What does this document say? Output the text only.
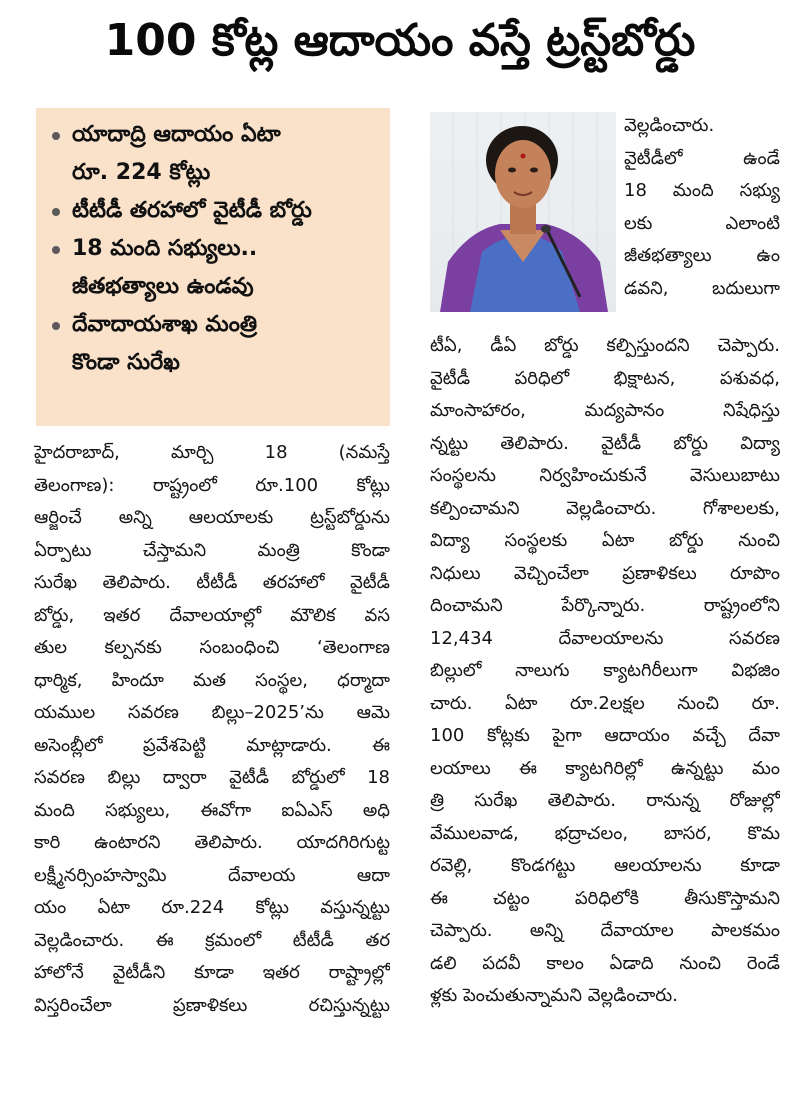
100 కోట్ల ఆదాయం వస్తే ట్రస్ట్‌బోర్డు
యాదాద్రి ఆదాయం ఏటా
రూ. 224 కోట్లు
టీటీడీ తరహాలో వైటీడీ బోర్డు
18 మంది సభ్యులు..
జీతభత్యాలు ఉండవు
దేవాదాయశాఖ మంత్రి
కొండా సురేఖ
వెల్లడించారు.
వైటీడీలో ఉండే
18 మంది సభ్యు
లకు ఎలాంటి
జీతభత్యాలు ఉం
డవని, బదులుగా
టీఏ, డీఏ బోర్డు కల్పిస్తుందని చెప్పారు.
వైటీడీ పరిధిలో భిక్షాటన, పశువధ,
మాంసాహారం, మద్యపానం నిషేధిస్తు
న్నట్టు తెలిపారు. వైటీడీ బోర్డు విద్యా
సంస్థలను నిర్వహించుకునే వెసులుబాటు
కల్పించామని వెల్లడించారు. గోశాలలకు,
విద్యా సంస్థలకు ఏటా బోర్డు నుంచి
నిధులు వెచ్చించేలా ప్రణాళికలు రూపొం
దించామని పేర్కొన్నారు. రాష్ట్రంలోని
12,434 దేవాలయాలను సవరణ
బిల్లులో నాలుగు క్యాటగిరీలుగా విభజిం
చారు. ఏటా రూ.2లక్షల నుంచి రూ.
100 కోట్లకు పైగా ఆదాయం వచ్చే దేవా
లయాలు ఈ క్యాటగిరిల్లో ఉన్నట్టు మం
త్రి సురేఖ తెలిపారు. రానున్న రోజుల్లో
వేములవాడ, భద్రాచలం, బాసర, కొమ
రవెల్లి, కొండగట్టు ఆలయాలను కూడా
ఈ చట్టం పరిధిలోకి తీసుకొస్తామని
చెప్పారు. అన్ని దేవాయాల పాలకమం
డలి పదవీ కాలం ఏడాది నుంచి రెండే
ళ్లకు పెంచుతున్నామని వెల్లడించారు.
హైదరాబాద్, మార్చి 18 (నమస్తే
తెలంగాణ): రాష్ట్రంలో రూ.100 కోట్లు
ఆర్జించే అన్ని ఆలయాలకు ట్రస్ట్‌బోర్డును
ఏర్పాటు చేస్తామని మంత్రి కొండా
సురేఖ తెలిపారు. టీటీడీ తరహాలో వైటీడీ
బోర్డు, ఇతర దేవాలయాల్లో మౌలిక వస
తుల కల్పనకు సంబంధించి ‘తెలంగాణ
ధార్మిక, హిందూ మత సంస్థల, ధర్మాదా
యముల సవరణ బిల్లు–2025’ను ఆమె
అసెంబ్లీలో ప్రవేశపెట్టి మాట్లాడారు. ఈ
సవరణ బిల్లు ద్వారా వైటీడీ బోర్డులో 18
మంది సభ్యులు, ఈవోగా ఐఏఎస్ అధి
కారి ఉంటారని తెలిపారు. యాదగిరిగుట్ట
లక్ష్మీనర్సింహస్వామి దేవాలయ ఆదా
యం ఏటా రూ.224 కోట్లు వస్తున్నట్టు
వెల్లడించారు. ఈ క్రమంలో టీటీడీ తర
హాలోనే వైటీడీని కూడా ఇతర రాష్ట్రాల్లో
విస్తరించేలా ప్రణాళికలు రచిస్తున్నట్టు
